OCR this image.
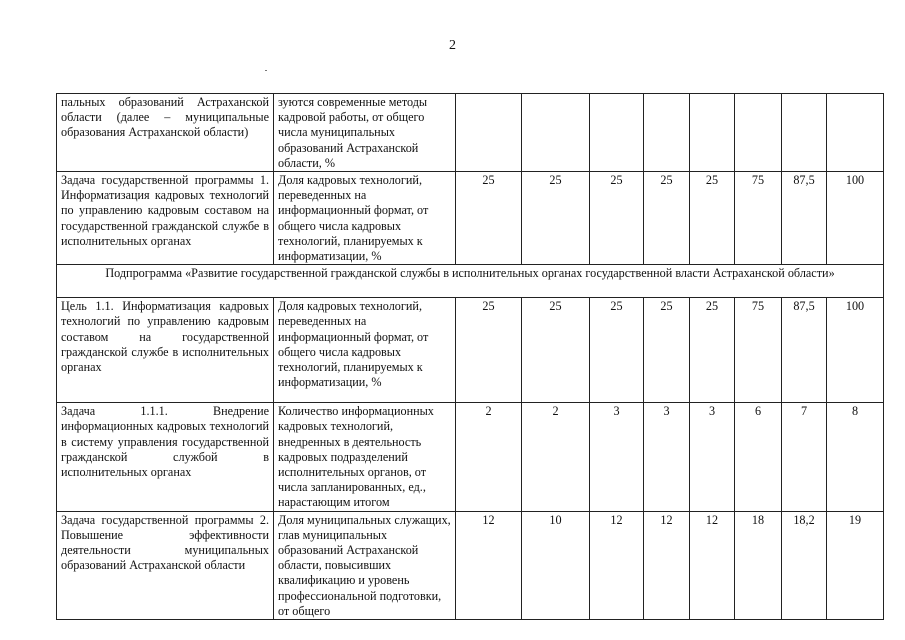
2
пальных образований Астраханской области (далее – муниципальные образования Астраханской области)	зуются современные методы кадровой работы, от общего числа муниципальных образований Астраханской области, %								
Задача государственной программы 1. Информатизация кадровых технологий по управлению кадровым составом на государственной гражданской службе в исполнительных органах	Доля кадровых технологий, переведенных на информационный формат, от общего числа кадровых технологий, планируемых к информатизации, %	25	25	25	25	25	75	87,5	100
Подпрограмма «Развитие государственной гражданской службы в исполнительных органах государственной власти Астраханской области»									
Цель 1.1. Информатизация кадровых технологий по управлению кадровым составом на государственной гражданской службе в исполнительных органах	Доля кадровых технологий, переведенных на информационный формат, от общего числа кадровых технологий, планируемых к информатизации, %	25	25	25	25	25	75	87,5	100
Задача 1.1.1. Внедрение информационных кадровых технологий в систему управления государственной гражданской службой в исполнительных органах	Количество информационных кадровых технологий, внедренных в деятельность кадровых подразделений исполнительных органов, от числа запланированных, ед., нарастающим итогом	2	2	3	3	3	6	7	8
Задача государственной программы 2. Повышение эффективности деятельности муниципальных образований Астраханской области	Доля муниципальных служащих, глав муниципальных образований Астраханской области, повысивших квалификацию и уровень профессиональной подготовки, от общего	12	10	12	12	12	18	18,2	19
